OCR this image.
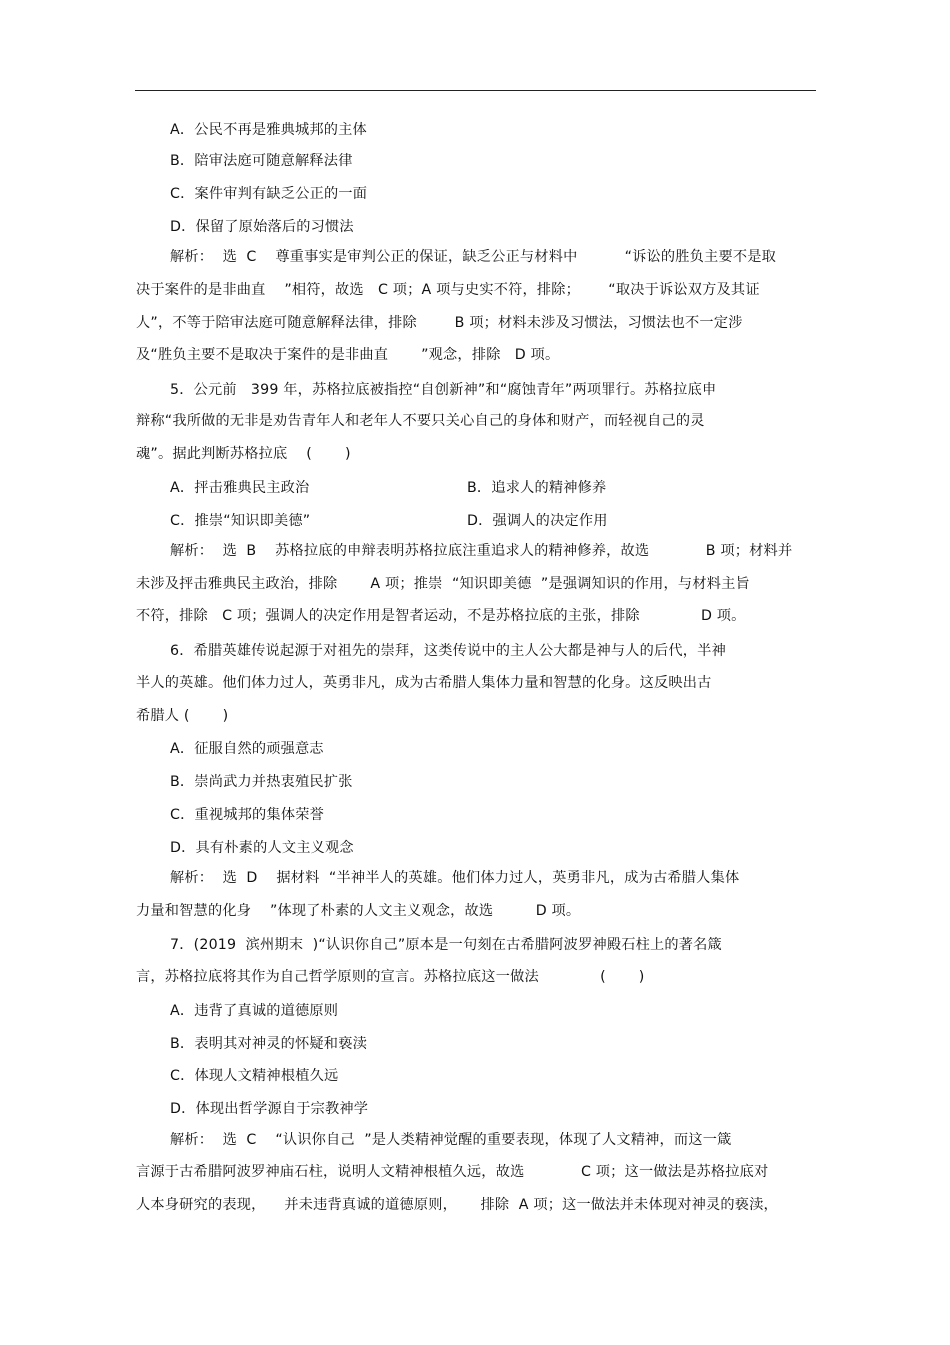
A．公民不再是雅典城邦的主体
B．陪审法庭可随意解释法律
C．案件审判有缺乏公正的一面
D．保留了原始落后的习惯法
解析：  选  C    尊重事实是审判公正的保证，缺乏公正与材料中          “诉讼的胜负主要不是取
决于案件的是非曲直    ”相符，故选   C 项；A 项与史实不符，排除；      “取决于诉讼双方及其证
人”，不等于陪审法庭可随意解释法律，排除        B 项；材料未涉及习惯法，习惯法也不一定涉
及“胜负主要不是取决于案件的是非曲直       ”观念，排除   D 项。
5．公元前   399 年，苏格拉底被指控“自创新神”和“腐蚀青年”两项罪行。苏格拉底申
辩称“我所做的无非是劝告青年人和老年人不要只关心自己的身体和财产，而轻视自己的灵
魂”。据此判断苏格拉底    (       )
A．抨击雅典民主政治	B．追求人的精神修养
C．推崇“知识即美德”	D．强调人的决定作用
解析：  选  B    苏格拉底的申辩表明苏格拉底注重追求人的精神修养，故选            B 项；材料并
未涉及抨击雅典民主政治，排除       A 项；推崇  “知识即美德  ”是强调知识的作用，与材料主旨
不符，排除   C 项；强调人的决定作用是智者运动，不是苏格拉底的主张，排除             D 项。
6．希腊英雄传说起源于对祖先的崇拜，这类传说中的主人公大都是神与人的后代，半神
半人的英雄。他们体力过人，英勇非凡，成为古希腊人集体力量和智慧的化身。这反映出古
希腊人 (       )
A．征服自然的顽强意志
B．崇尚武力并热衷殖民扩张
C．重视城邦的集体荣誉
D．具有朴素的人文主义观念
解析：  选  D    据材料  “半神半人的英雄。他们体力过人，英勇非凡，成为古希腊人集体
力量和智慧的化身    ”体现了朴素的人文主义观念，故选         D 项。
7．(2019  滨州期末  )“认识你自己”原本是一句刻在古希腊阿波罗神殿石柱上的著名箴
言，苏格拉底将其作为自己哲学原则的宣言。苏格拉底这一做法             (       )
A．违背了真诚的道德原则
B．表明其对神灵的怀疑和亵渎
C．体现人文精神根植久远
D．体现出哲学源自于宗教神学
解析：  选  C    “认识你自己  ”是人类精神觉醒的重要表现，体现了人文精神，而这一箴
言源于古希腊阿波罗神庙石柱，说明人文精神根植久远，故选            C 项；这一做法是苏格拉底对
人本身研究的表现，    并未违背真诚的道德原则，     排除  A 项；这一做法并未体现对神灵的亵渎，
